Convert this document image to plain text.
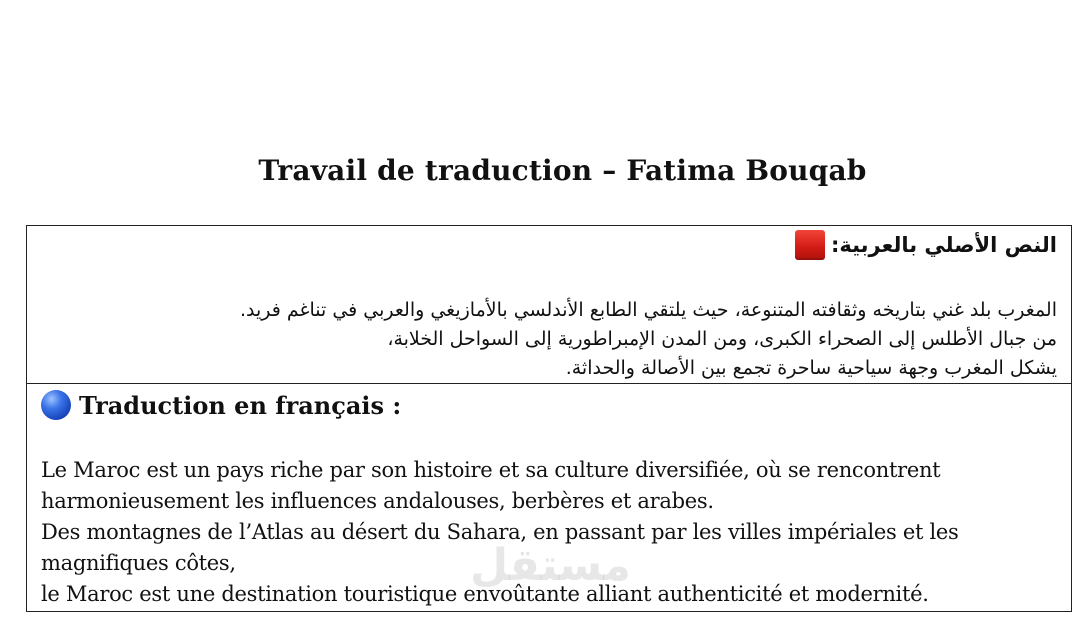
Travail de traduction – Fatima Bouqab
النص الأصلي بالعربية:
المغرب بلد غني بتاريخه وثقافته المتنوعة، حيث يلتقي الطابع الأندلسي بالأمازيغي والعربي في تناغم فريد.
من جبال الأطلس إلى الصحراء الكبرى، ومن المدن الإمبراطورية إلى السواحل الخلابة،
يشكل المغرب وجهة سياحية ساحرة تجمع بين الأصالة والحداثة.
Traduction en français :
Le Maroc est un pays riche par son histoire et sa culture diversifiée, où se rencontrent
harmonieusement les influences andalouses, berbères et arabes.
Des montagnes de l’Atlas au désert du Sahara, en passant par les villes impériales et les
magnifiques côtes,
le Maroc est une destination touristique envoûtante alliant authenticité et modernité.
مستقل
